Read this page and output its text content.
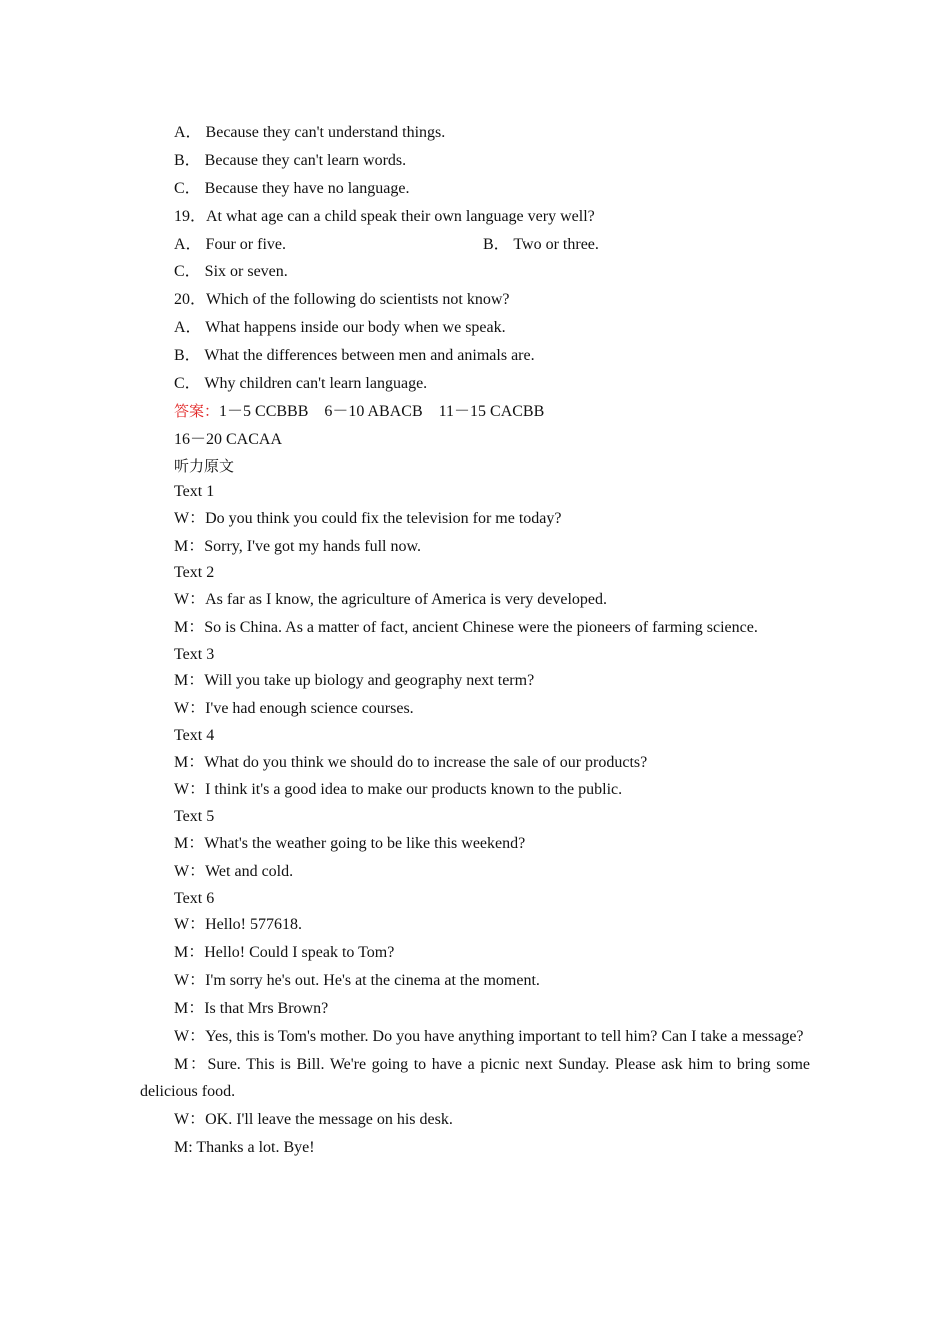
A． Because they can't understand things.
B． Because they can't learn words.
C． Because they have no language.
19．At what age can a child speak their own language very well?
A． Four or five.	B． Two or three.
C． Six or seven.
20．Which of the following do scientists not know?
A． What happens inside our body when we speak.
B． What the differences between men and animals are.
C． Why children can't learn language.
答案：1－5 CCBBB　6－10 ABACB　11－15 CACBB
16－20 CACAA
听力原文
Text 1
W：Do you think you could fix the television for me today?
M：Sorry, I've got my hands full now.
Text 2
W：As far as I know, the agriculture of America is very developed.
M：So is China. As a matter of fact, ancient Chinese were the pioneers of farming science.
Text 3
M：Will you take up biology and geography next term?
W：I've had enough science courses.
Text 4
M：What do you think we should do to increase the sale of our products?
W：I think it's a good idea to make our products known to the public.
Text 5
M：What's the weather going to be like this weekend?
W：Wet and cold.
Text 6
W：Hello! 577618.
M：Hello! Could I speak to Tom?
W：I'm sorry he's out. He's at the cinema at the moment.
M：Is that Mrs Brown?
W：Yes, this is Tom's mother. Do you have anything important to tell him? Can I take a message?
M：Sure. This is Bill. We're going to have a picnic next Sunday. Please ask him to bring some delicious food.
W：OK. I'll leave the message on his desk.
M: Thanks a lot. Bye!
